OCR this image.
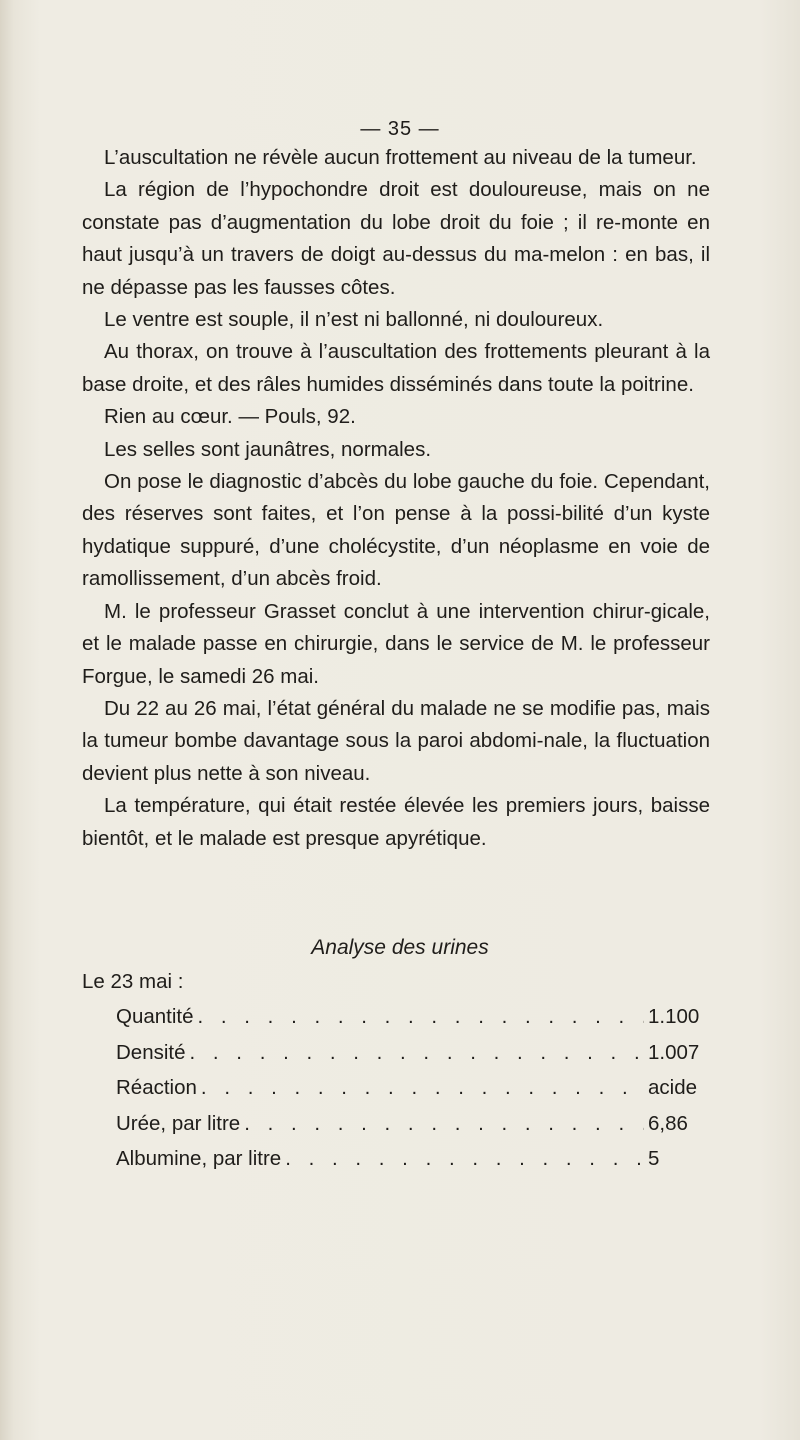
— 35 —

L’auscultation ne révèle aucun frottement au niveau de la tumeur.

La région de l’hypochondre droit est douloureuse, mais on ne constate pas d’augmentation du lobe droit du foie ; il re-monte en haut jusqu’à un travers de doigt au-dessus du ma-melon : en bas, il ne dépasse pas les fausses côtes.

Le ventre est souple, il n’est ni ballonné, ni douloureux.

Au thorax, on trouve à l’auscultation des frottements pleurant à la base droite, et des râles humides disséminés dans toute la poitrine.

Rien au cœur. — Pouls, 92.

Les selles sont jaunâtres, normales.

On pose le diagnostic d’abcès du lobe gauche du foie. Cependant, des réserves sont faites, et l’on pense à la possi-bilité d’un kyste hydatique suppuré, d’une cholécystite, d’un néoplasme en voie de ramollissement, d’un abcès froid.

M. le professeur Grasset conclut à une intervention chirur-gicale, et le malade passe en chirurgie, dans le service de M. le professeur Forgue, le samedi 26 mai.

Du 22 au 26 mai, l’état général du malade ne se modifie pas, mais la tumeur bombe davantage sous la paroi abdomi-nale, la fluctuation devient plus nette à son niveau.

La température, qui était restée élevée les premiers jours, baisse bientôt, et le malade est presque apyrétique.

Analyse des urines
Le 23 mai :
Quantité . . .	1.100
Densité . . .	1.007
Réaction . . .	acide
Urée, par litre . . .	6,86
Albumine, par litre . . .	5
